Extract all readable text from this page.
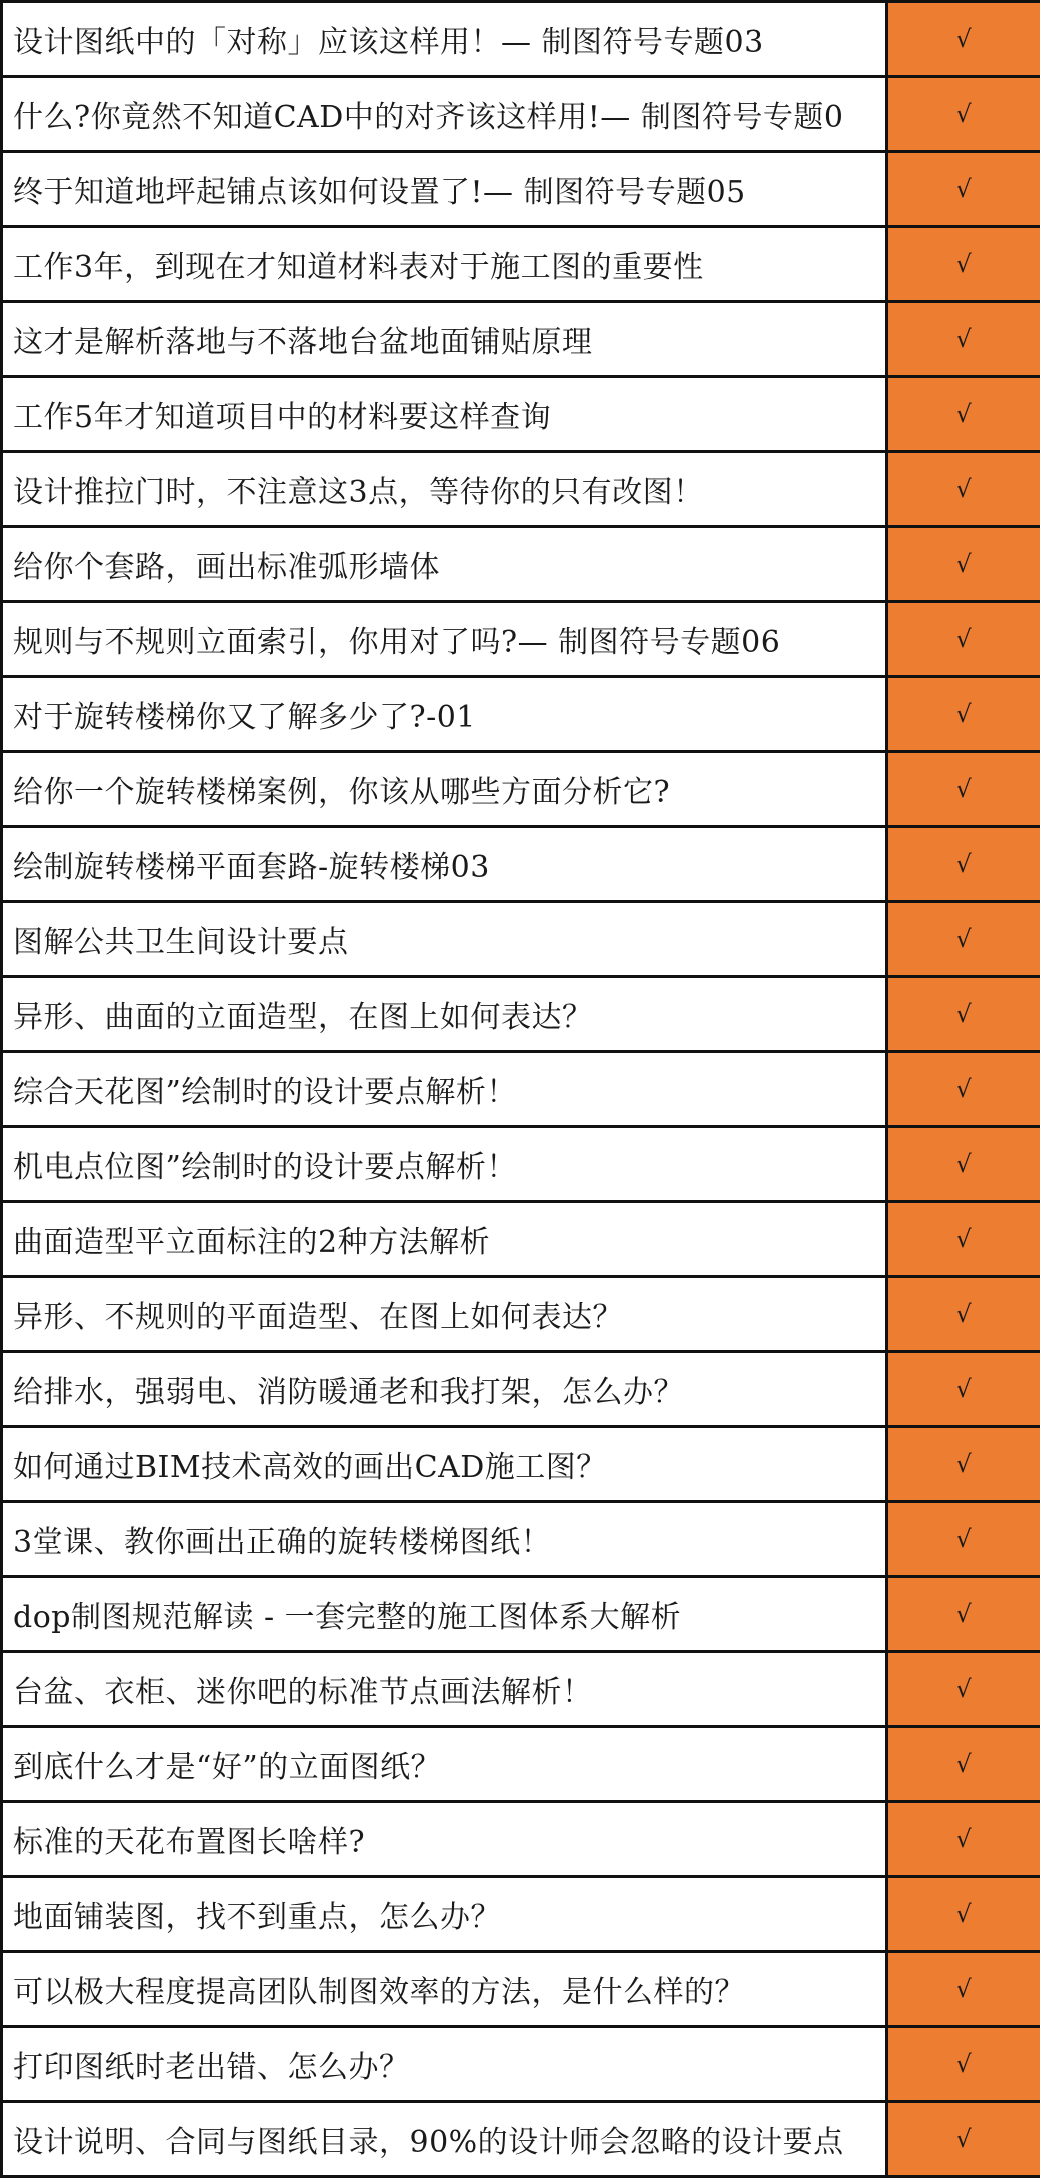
设计图纸中的「对称」应该这样用！— 制图符号专题03	√
什么?你竟然不知道CAD中的对齐该这样用!— 制图符号专题0	√
终于知道地坪起铺点该如何设置了!— 制图符号专题05	√
工作3年，到现在才知道材料表对于施工图的重要性	√
这才是解析落地与不落地台盆地面铺贴原理	√
工作5年才知道项目中的材料要这样查询	√
设计推拉门时，不注意这3点，等待你的只有改图！	√
给你个套路，画出标准弧形墙体	√
规则与不规则立面索引，你用对了吗?— 制图符号专题06	√
对于旋转楼梯你又了解多少了?-01	√
给你一个旋转楼梯案例，你该从哪些方面分析它?	√
绘制旋转楼梯平面套路-旋转楼梯03	√
图解公共卫生间设计要点	√
异形、曲面的立面造型，在图上如何表达？	√
综合天花图”绘制时的设计要点解析！	√
机电点位图”绘制时的设计要点解析！	√
曲面造型平立面标注的2种方法解析	√
异形、不规则的平面造型、在图上如何表达？	√
给排水，强弱电、消防暖通老和我打架，怎么办？	√
如何通过BIM技术高效的画出CAD施工图？	√
3堂课、教你画出正确的旋转楼梯图纸！	√
dop制图规范解读 - 一套完整的施工图体系大解析	√
台盆、衣柜、迷你吧的标准节点画法解析！	√
到底什么才是“好”的立面图纸？	√
标准的天花布置图长啥样?	√
地面铺装图，找不到重点，怎么办？	√
可以极大程度提高团队制图效率的方法，是什么样的？	√
打印图纸时老出错、怎么办？	√
设计说明、合同与图纸目录，90%的设计师会忽略的设计要点	√
